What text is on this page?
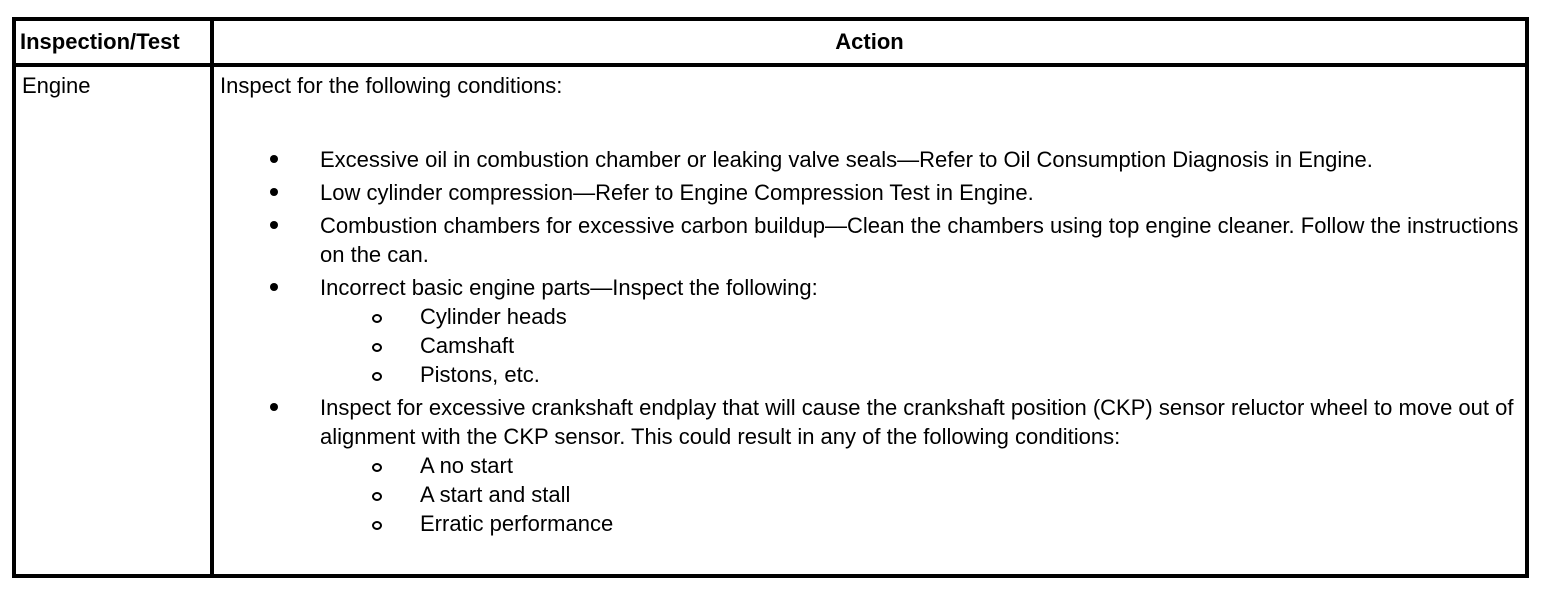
Inspection/Test	Action
Engine	Inspect for the following conditions:

Excessive oil in combustion chamber or leaking valve seals—Refer to Oil Consumption Diagnosis in Engine.
Low cylinder compression—Refer to Engine Compression Test in Engine.
Combustion chambers for excessive carbon buildup—Clean the chambers using top engine cleaner. Follow the instructions on the can.
Incorrect basic engine parts—Inspect the following:
Cylinder heads
Camshaft
Pistons, etc.
Inspect for excessive crankshaft endplay that will cause the crankshaft position (CKP) sensor reluctor wheel to move out of alignment with the CKP sensor. This could result in any of the following conditions:
A no start
A start and stall
Erratic performance
